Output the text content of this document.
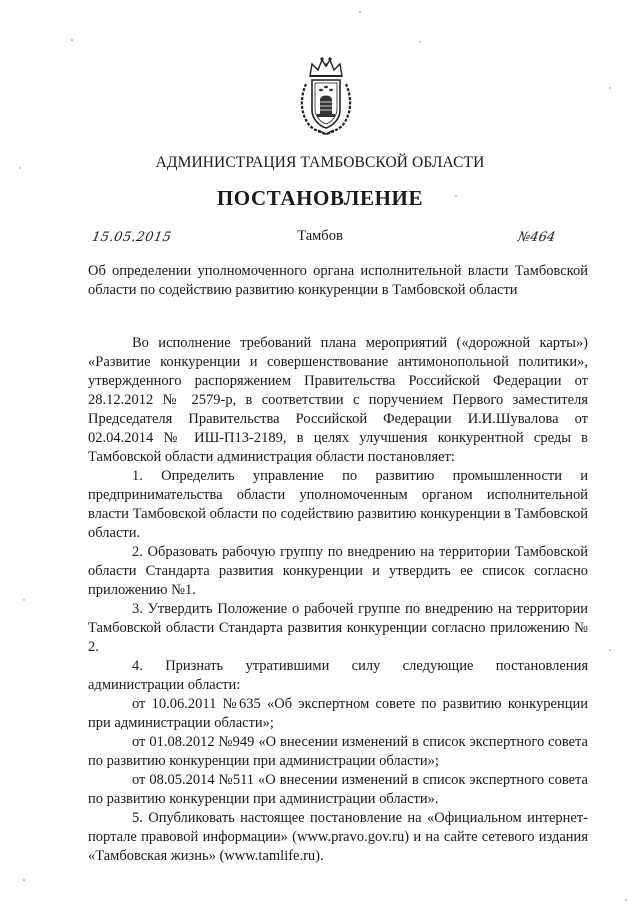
АДМИНИСТРАЦИЯ ТАМБОВСКОЙ ОБЛАСТИ
ПОСТАНОВЛЕНИЕ
15.05.2015	Тамбов	№464
Об определении уполномоченного органа исполнительной власти Тамбовской области по содействию развитию конкуренции в Тамбовской области

Во исполнение требований плана мероприятий («дорожной карты») «Развитие конкуренции и совершенствование антимонопольной политики», утвержденного распоряжением Правительства Российской Федерации от 28.12.2012 № 2579-р, в соответствии с поручением Первого заместителя Председателя Правительства Российской Федерации И.И.Шувалова от 02.04.2014 № ИШ-П13-2189, в целях улучшения конкурентной среды в Тамбовской области администрация области постановляет:

1. Определить управление по развитию промышленности и предпринимательства области уполномоченным органом исполнительной власти Тамбовской области по содействию развитию конкуренции в Тамбовской области.

2. Образовать рабочую группу по внедрению на территории Тамбовской области Стандарта развития конкуренции и утвердить ее список согласно приложению №1.

3. Утвердить Положение о рабочей группе по внедрению на территории Тамбовской области Стандарта развития конкуренции согласно приложению № 2.

4. Признать утратившими силу следующие постановления администрации области:

от 10.06.2011 №635 «Об экспертном совете по развитию конкуренции при администрации области»;

от 01.08.2012 №949 «О внесении изменений в список экспертного совета по развитию конкуренции при администрации области»;

от 08.05.2014 №511 «О внесении изменений в список экспертного совета по развитию конкуренции при администрации области».

5. Опубликовать настоящее постановление на «Официальном интернет-портале правовой информации» (www.pravo.gov.ru) и на сайте сетевого издания «Тамбовская жизнь» (www.tamlife.ru).
